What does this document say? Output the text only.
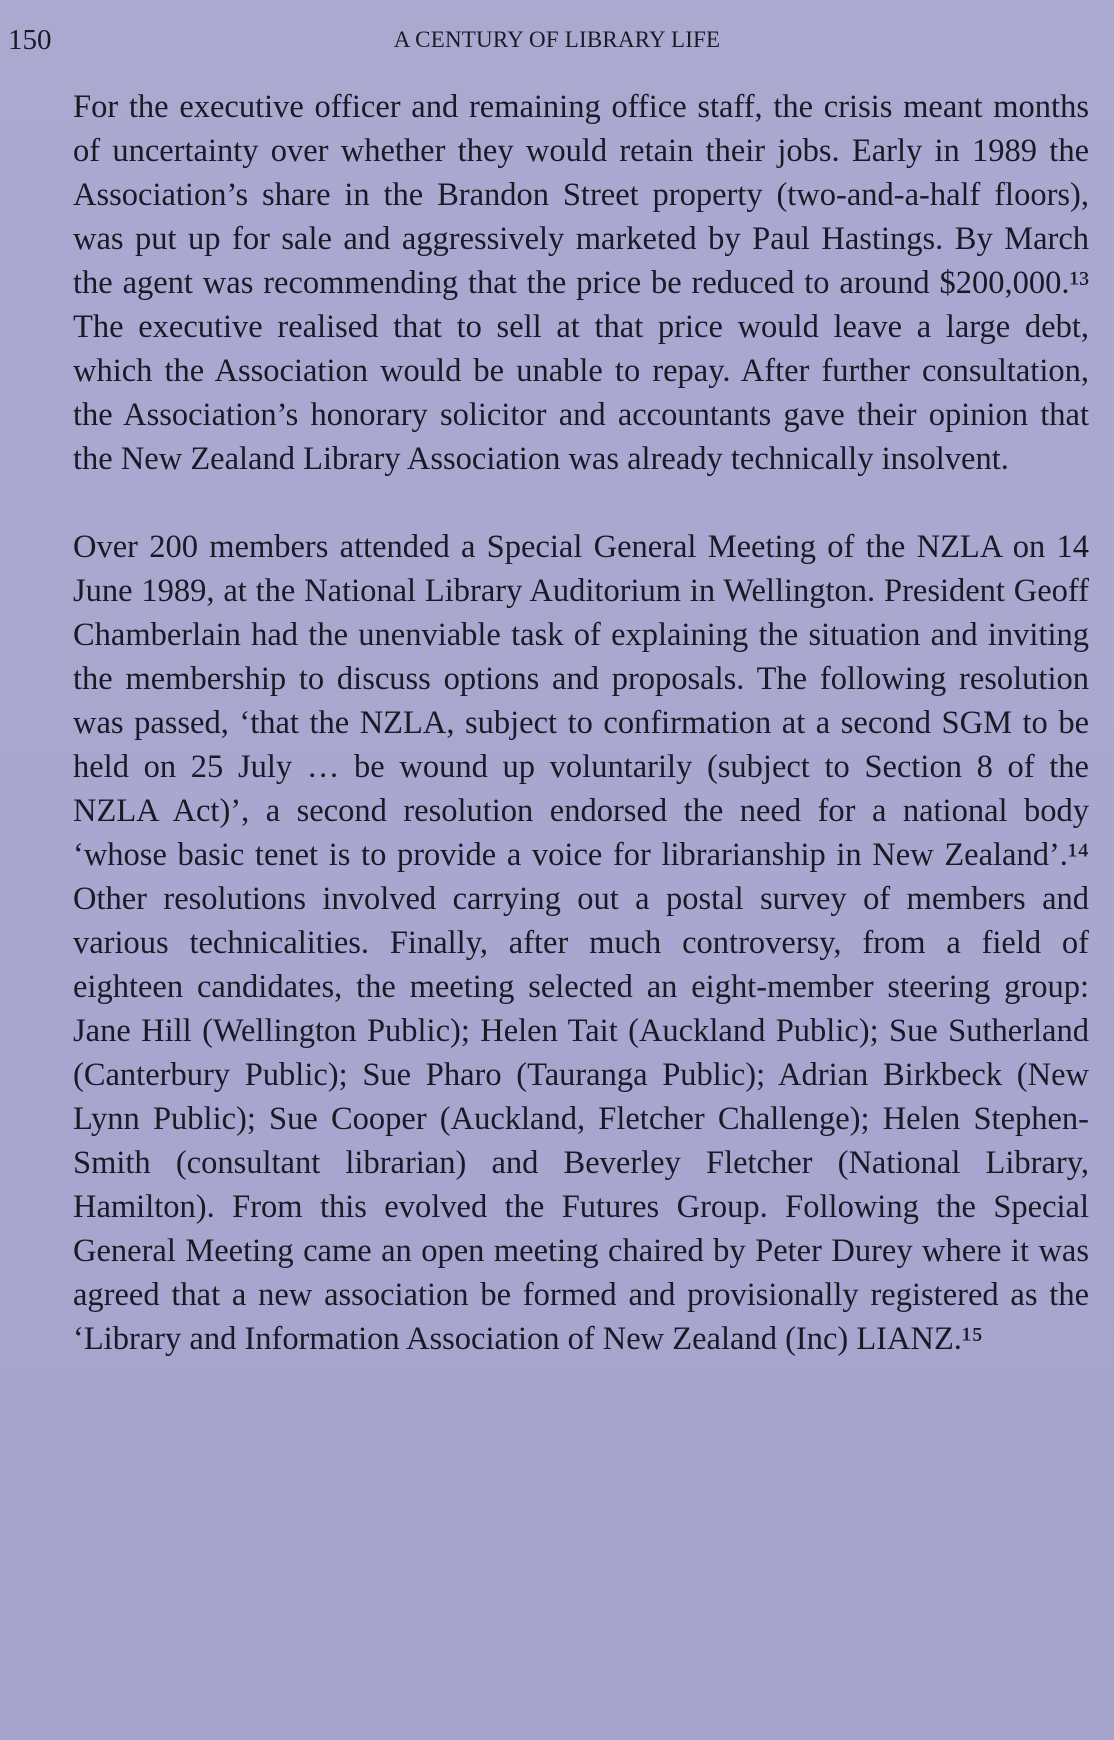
150	A CENTURY OF LIBRARY LIFE

For the executive officer and remaining office staff, the crisis meant months of uncertainty over whether they would retain their jobs. Early in 1989 the Association’s share in the Brandon Street property (two-and-a-half floors), was put up for sale and aggressively marketed by Paul Hastings. By March the agent was recommending that the price be reduced to around $200,000.¹³ The executive realised that to sell at that price would leave a large debt, which the Association would be unable to repay. After further consultation, the Association’s honorary solicitor and accountants gave their opinion that the New Zealand Library Association was already technically insolvent.

Over 200 members attended a Special General Meeting of the NZLA on 14 June 1989, at the National Library Auditorium in Wellington. President Geoff Chamberlain had the unenviable task of explaining the situation and inviting the membership to discuss options and proposals. The following resolution was passed, ‘that the NZLA, subject to confirmation at a second SGM to be held on 25 July … be wound up voluntarily (subject to Section 8 of the NZLA Act)’, a second resolution endorsed the need for a national body ‘whose basic tenet is to provide a voice for librarianship in New Zealand’.¹⁴ Other resolutions involved carrying out a postal survey of members and various technicalities. Finally, after much controversy, from a field of eighteen candidates, the meeting selected an eight-member steering group: Jane Hill (Wellington Public); Helen Tait (Auckland Public); Sue Sutherland (Canterbury Public); Sue Pharo (Tauranga Public); Adrian Birkbeck (New Lynn Public); Sue Cooper (Auckland, Fletcher Challenge); Helen Stephen-Smith (consultant librarian) and Beverley Fletcher (National Library, Hamilton). From this evolved the Futures Group. Following the Special General Meeting came an open meeting chaired by Peter Durey where it was agreed that a new association be formed and provisionally registered as the ‘Library and Information Association of New Zealand (Inc) LIANZ.¹⁵
